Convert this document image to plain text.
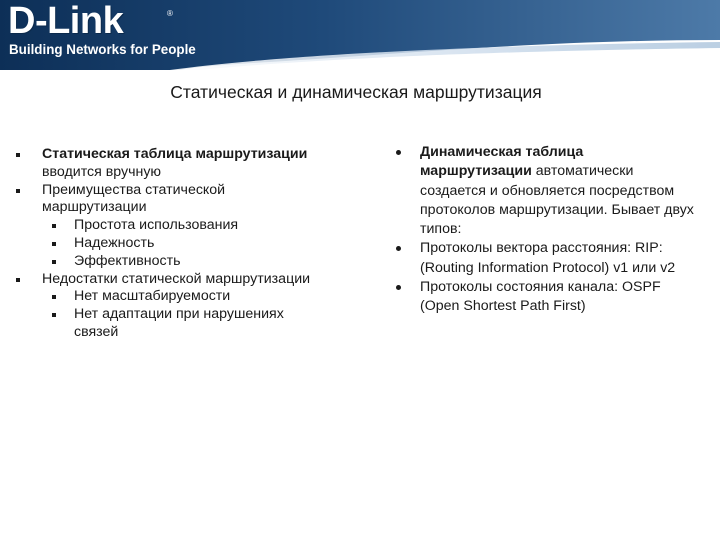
D-Link	®
Building Networks for People
Статическая и динамическая маршрутизация
Статическая таблица маршрутизации вводится вручную
Преимущества статической маршрутизации
Простота использования
Надежность
Эффективность
Недостатки статической маршрутизации
Нет масштабируемости
Нет адаптации при нарушениях связей
Динамическая таблица маршрутизации автоматически создается и обновляется посредством протоколов маршрутизации. Бывает двух типов:
Протоколы вектора расстояния: RIP: (Routing Information Protocol) v1 или v2
Протоколы состояния канала: OSPF (Open Shortest Path First)
